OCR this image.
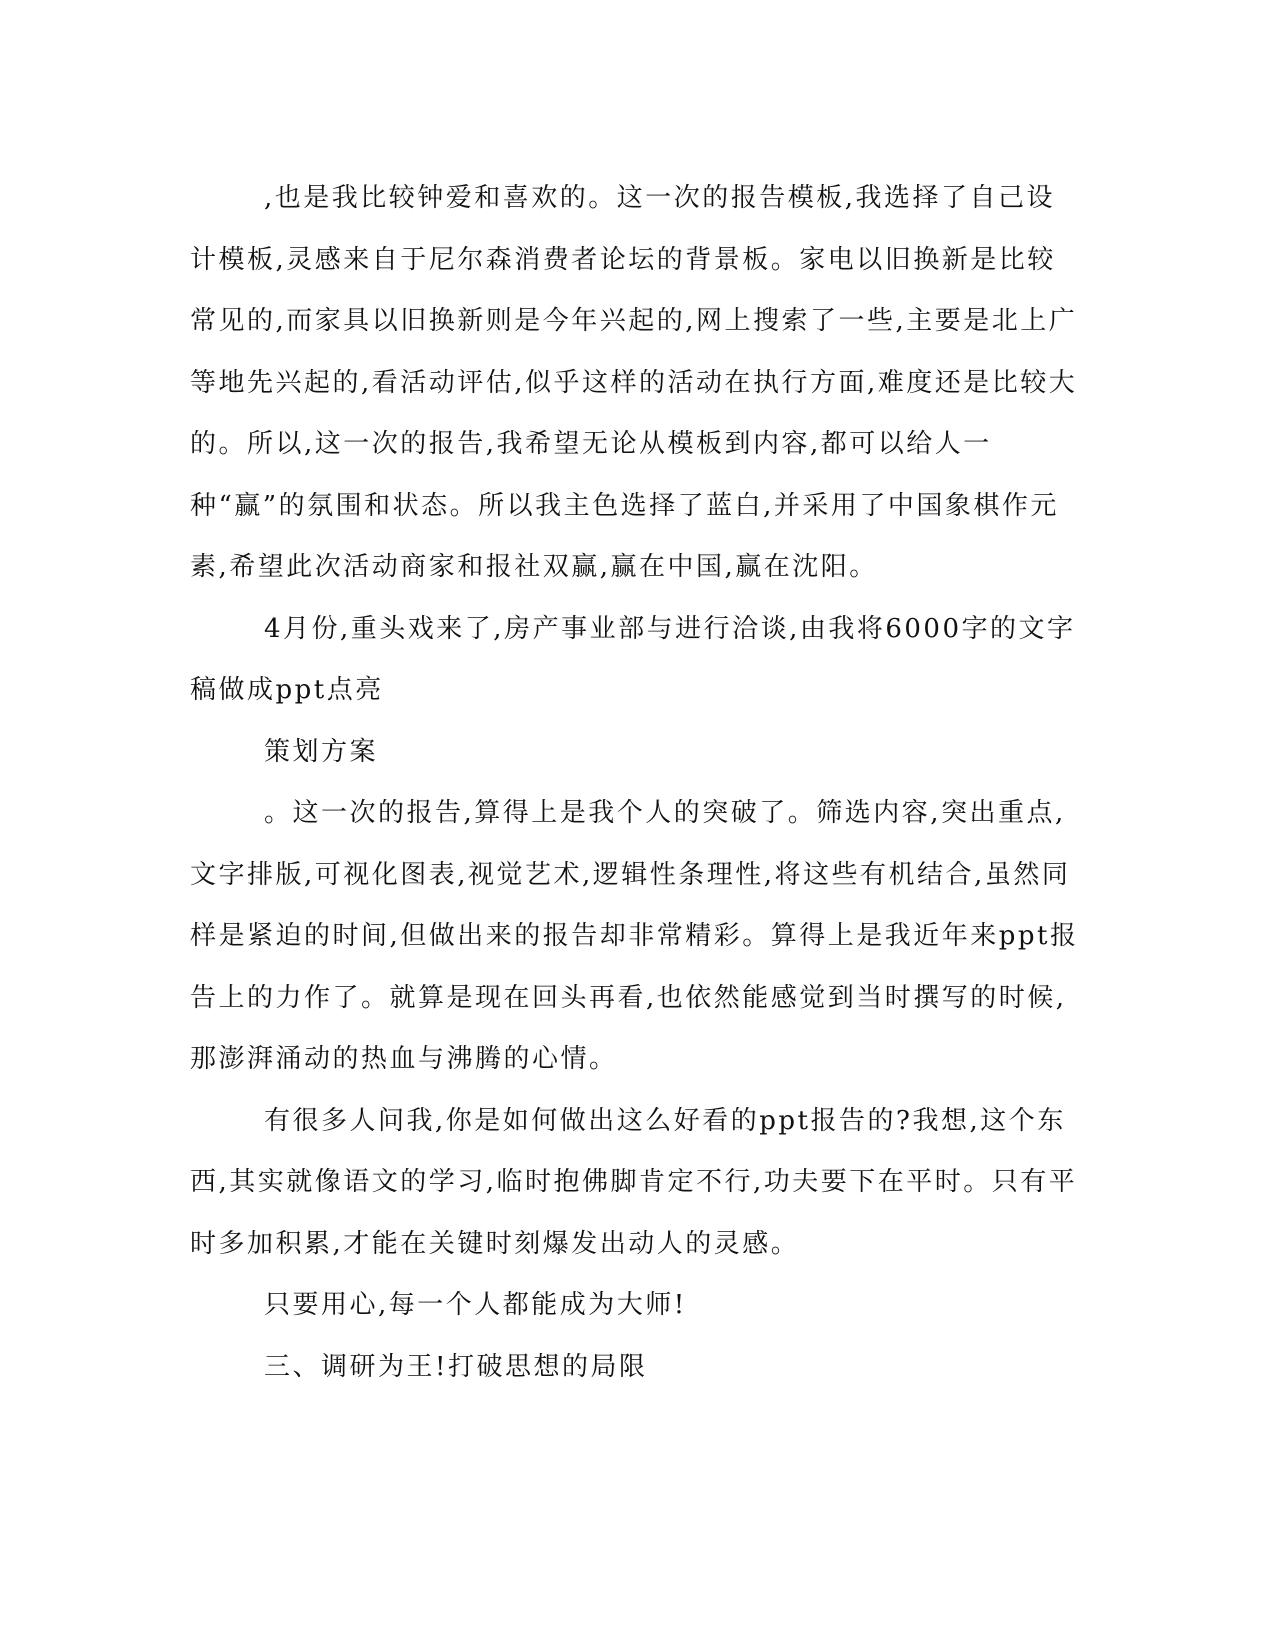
,也是我比较钟爱和喜欢的。这一次的报告模板,我选择了自己设计模板,灵感来自于尼尔森消费者论坛的背景板。家电以旧换新是比较常见的,而家具以旧换新则是今年兴起的,网上搜索了一些,主要是北上广等地先兴起的,看活动评估,似乎这样的活动在执行方面,难度还是比较大的。所以,这一次的报告,我希望无论从模板到内容,都可以给人一种“赢”的氛围和状态。所以我主色选择了蓝白,并采用了中国象棋作元素,希望此次活动商家和报社双赢,赢在中国,赢在沈阳。

4月份,重头戏来了,房产事业部与进行洽谈,由我将6000字的文字稿做成ppt点亮

策划方案

。这一次的报告,算得上是我个人的突破了。筛选内容,突出重点,文字排版,可视化图表,视觉艺术,逻辑性条理性,将这些有机结合,虽然同样是紧迫的时间,但做出来的报告却非常精彩。算得上是我近年来ppt报告上的力作了。就算是现在回头再看,也依然能感觉到当时撰写的时候,那澎湃涌动的热血与沸腾的心情。

有很多人问我,你是如何做出这么好看的ppt报告的?我想,这个东西,其实就像语文的学习,临时抱佛脚肯定不行,功夫要下在平时。只有平时多加积累,才能在关键时刻爆发出动人的灵感。

只要用心,每一个人都能成为大师!

三、调研为王!打破思想的局限
